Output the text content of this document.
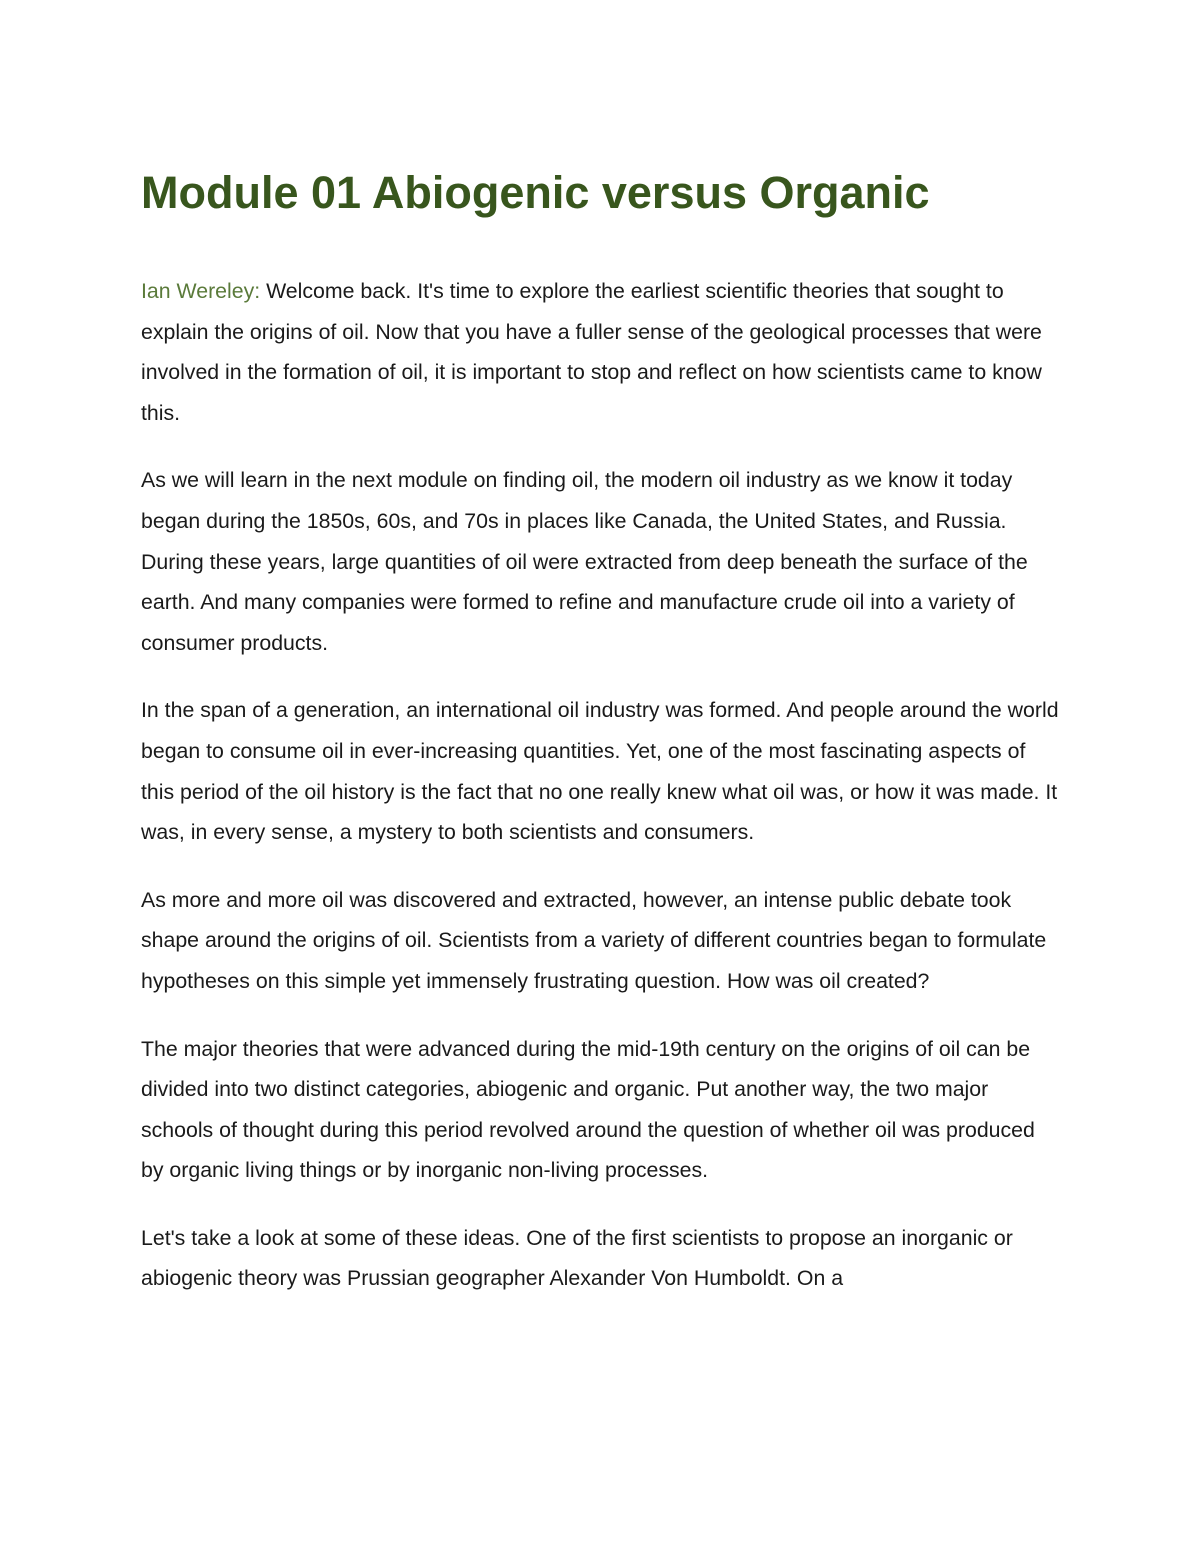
Module 01 Abiogenic versus Organic

Ian Wereley: Welcome back. It's time to explore the earliest scientific theories that sought to explain the origins of oil. Now that you have a fuller sense of the geological processes that were involved in the formation of oil, it is important to stop and reflect on how scientists came to know this.

As we will learn in the next module on finding oil, the modern oil industry as we know it today began during the 1850s, 60s, and 70s in places like Canada, the United States, and Russia. During these years, large quantities of oil were extracted from deep beneath the surface of the earth. And many companies were formed to refine and manufacture crude oil into a variety of consumer products.

In the span of a generation, an international oil industry was formed. And people around the world began to consume oil in ever-increasing quantities. Yet, one of the most fascinating aspects of this period of the oil history is the fact that no one really knew what oil was, or how it was made. It was, in every sense, a mystery to both scientists and consumers.

As more and more oil was discovered and extracted, however, an intense public debate took shape around the origins of oil. Scientists from a variety of different countries began to formulate hypotheses on this simple yet immensely frustrating question. How was oil created?

The major theories that were advanced during the mid-19th century on the origins of oil can be divided into two distinct categories, abiogenic and organic. Put another way, the two major schools of thought during this period revolved around the question of whether oil was produced by organic living things or by inorganic non-living processes.

Let's take a look at some of these ideas. One of the first scientists to propose an inorganic or abiogenic theory was Prussian geographer Alexander Von Humboldt. On a
